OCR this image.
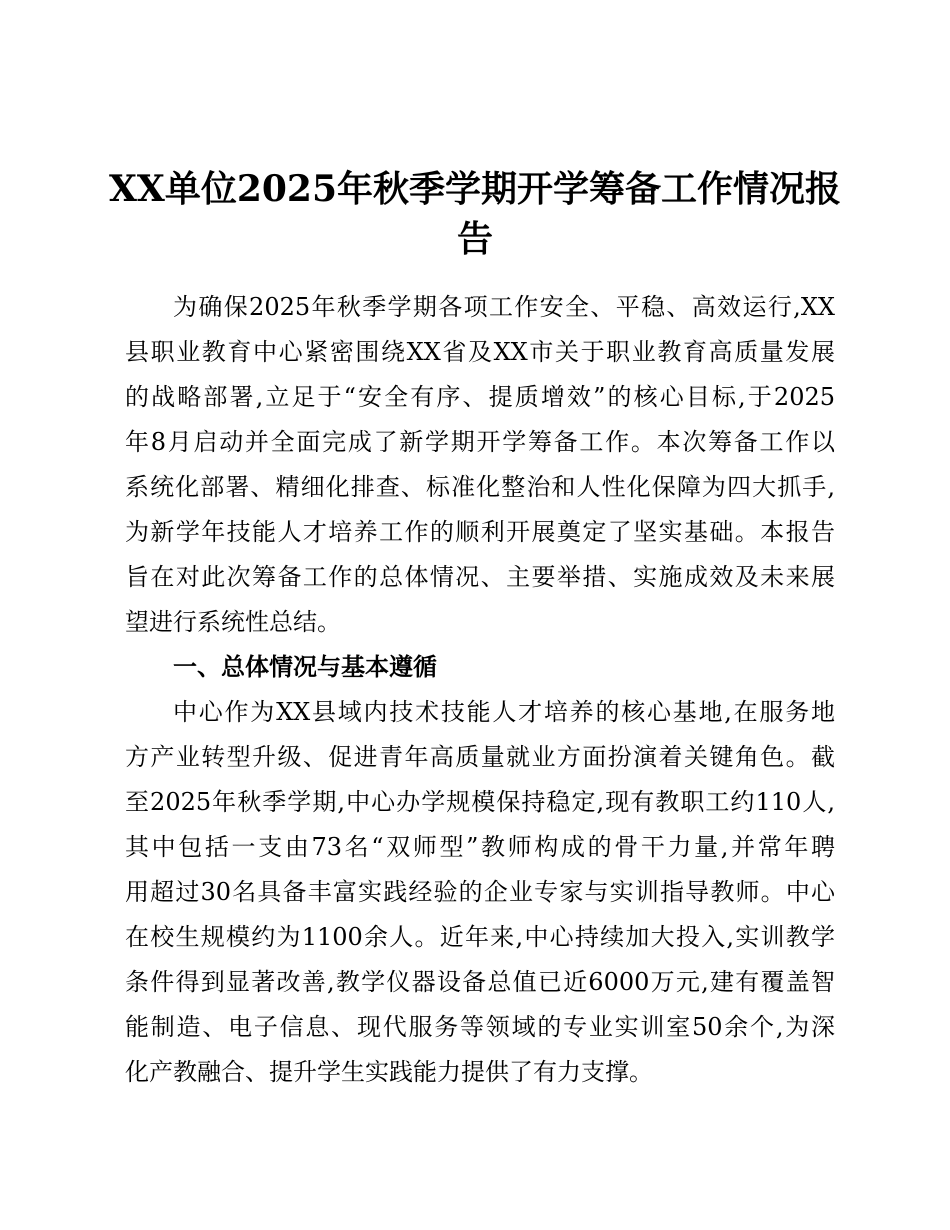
XX单位2025年秋季学期开学筹备工作情况报
告
为确保2025年秋季学期各项工作安全、平稳、高效运行,XX
县职业教育中心紧密围绕XX省及XX市关于职业教育高质量发展
的战略部署,立足于“安全有序、提质增效”的核心目标,于2025
年8月启动并全面完成了新学期开学筹备工作。本次筹备工作以
系统化部署、精细化排查、标准化整治和人性化保障为四大抓手,
为新学年技能人才培养工作的顺利开展奠定了坚实基础。本报告
旨在对此次筹备工作的总体情况、主要举措、实施成效及未来展
望进行系统性总结。
一、总体情况与基本遵循
中心作为XX县域内技术技能人才培养的核心基地,在服务地
方产业转型升级、促进青年高质量就业方面扮演着关键角色。截
至2025年秋季学期,中心办学规模保持稳定,现有教职工约110人,
其中包括一支由73名“双师型”教师构成的骨干力量,并常年聘
用超过30名具备丰富实践经验的企业专家与实训指导教师。中心
在校生规模约为1100余人。近年来,中心持续加大投入,实训教学
条件得到显著改善,教学仪器设备总值已近6000万元,建有覆盖智
能制造、电子信息、现代服务等领域的专业实训室50余个,为深
化产教融合、提升学生实践能力提供了有力支撑。
